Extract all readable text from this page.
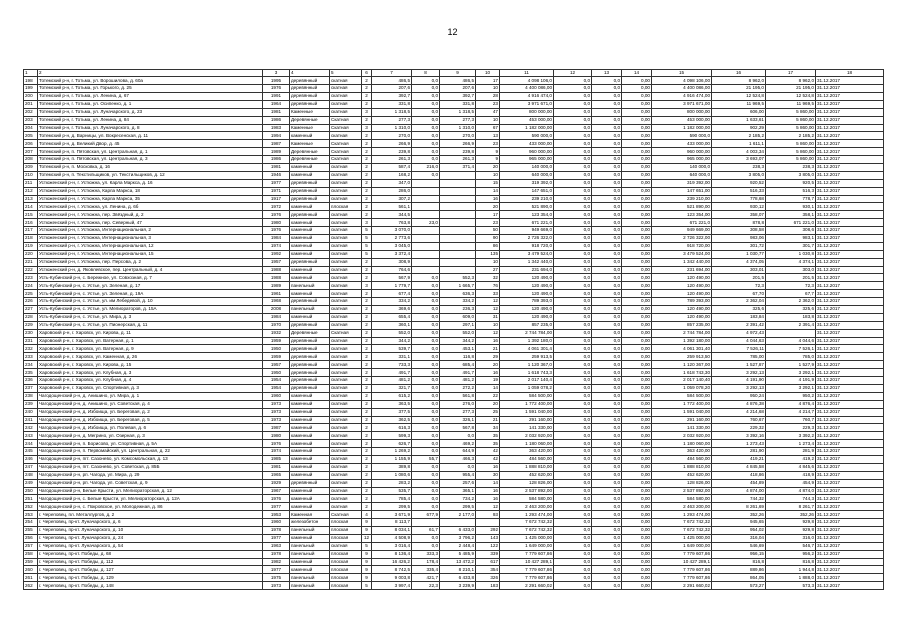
12
1	2	3	4	5	6	7	8	9	10	11	12	13	14	15	16	17	18
198	Тотемский р-н, г. Тотьма, ул. Ворошилова, д. 60а	1995	деревянный	скатная	2	486,5	0,0	486,5	17	4 098 106,0	0,0	0,0	0,00	4 098 106,00	8 962,0	8 962,0	31.12.2017
199	Тотемский р-н, г. Тотьма, ул. Горького, д. 25	1976	деревянный	скатная	2	207,6	0,0	207,6	10	4 400 086,00	0,0	0,0	0,00	4 400 086,00	21 195,0	21 195,0	31.12.2017
200	Тотемский р-н, г. Тотьма, ул. Ленина, д. 67	1991	деревянный	скатная	2	392,7	0,0	392,7	28	4 916 474,0	0,0	0,0	0,00	4 916 474,00	12 524,8	12 524,8	31.12.2017
201	Тотемский р-н, г. Тотьма, ул. Осипенко, д. 1	1964	деревянный	скатная	2	331,8	0,0	331,8	23	3 971 671,0	0,0	0,0	0,00	3 971 671,00	11 969,5	11 969,5	31.12.2017
202	Тотемский р-н, г. Тотьма, ул. Луначарского, д. 23	1981	Каменные	скатная	3	1 318,5	0,0	1 318,5	47	800 000,00	0,0	0,0	0,00	800 000,00	606,00	5 860,00	31.12.2017
203	Тотемский р-н, г. Тотьма, ул. Ленина, д. 84	1986	Деревянные	Скатная	2	277,3	0,0	277,3	10	453 000,00	0,0	0,0	0,00	453 000,00	1 633,61	5 860,00	31.12.2017
204	Тотемский р-н, г. Тотьма, ул. Луначарского, д. 8	1983	Каменные	Скатная	3	1 310,0	0,0	1 310,0	67	1 182 000,00	0,0	0,0	0,00	1 182 000,00	902,29	5 860,00	31.12.2017
205	Тотемский р-н, д. Варницы, ул. Вокресенская, д. 11	1994	каменный	скатная	2	270,0	0,0	270,0	13	590 000,0	0,0	0,0	0,00	590 000,0	2 185,2	2 185,2	31.12.2017
206	Тотемский р-н, д. Великий Двор, д. 45	1987	Каменные	Скатная	2	266,9	0,0	266,9	23	433 000,00	0,0	0,0	0,00	433 000,00	1 611,1	5 860,00	31.12.2017
207	Тотемский р-н, п. Пятовская, ул. Центральная, д. 1	1989	Деревянные	Скатная	2	239,8	0,0	239,8	9	960 000,00	0,0	0,0	0,00	960 000,00	4 003,34	5 860,00	31.12.2017
208	Тотемский р-н, п. Пятовская, ул. Центральная, д. 3	1986	Деревянные	Скатная	2	261,3	0,0	261,3	9	965 000,00	0,0	0,0	0,00	965 000,00	3 693,07	5 860,00	31.12.2017
209	Тотемский р-н, п. Московка, д. 16	1981	каменный	скатная	2	587,4	216,0	371,4	20	140 000,0	0,0	0,0	0,00	140 000,0	238,3	238,3	31.12.2017
210	Тотемский р-н, п. Текстильщиков, ул. Текстильщиков, д. 12	1946	каменный	скатная	2	168,2	0,0		10	640 000,0	0,0	0,0	0,00	640 000,0	3 805,0	3 805,0	31.12.2017
211	Устюженский р-н, г. Устюжна, ул. Карла Маркса, д. 16	1977	деревянный	скатная	2	347,0			15	319 392,0	0,0	0,0	0,00	319 392,00	920,52	920,5	31.12.2017
212	Устюженский р-н, г. Устюжна, Карла Маркса, 18	1971	деревянный	скатная	2	286,0			14	147 651,0	0,0	0,0	0,00	147 651,00	516,33	516,3	31.12.2017
213	Устюженский р-н, г. Устюжна, Карла Маркса, 35	1917	деревянный	скатная	2	307,2			16	239 210,0	0,0	0,0	0,00	239 210,00	778,68	778,7	31.12.2017
214	Устюженский р-н, г. Устюжна, ул. Ленина, д. 6б	1972	каменный	плоская	2	561,1			20	521 890,0	0,0	0,0	0,00	521 890,00	930,12	930,1	31.12.2017
215	Устюженский р-н, г. Устюжна, пер. Звёздный, д. 2	1976	деревянный	скатная	2	344,5			17	123 354,0	0,0	0,0	0,00	123 354,00	358,07	358,1	31.12.2017
216	Устюженский р-н, г. Устюжна, пер. Северный, 47	1980	каменный	скатная	3	763,8	23,0		23	671 221,0	0,0	0,0	0,00	671 221,0	878,8	671 221,0	31.12.2017
217	Устюженский р-н, г. Устюжна, Интернациональная, 2	1976	каменный	скатная	5	3 070,0			50	949 669,0	0,0	0,0	0,00	949 669,00	308,58	308,6	31.12.2017
218	Устюженский р-н, г. Устюжна, Интернациональная, 3	1984	каменный	скатная	5	2 773,6			90	2 726 322,0	0,0	0,0	0,00	2 726 322,00	983,06	983,1	31.12.2017
219	Устюженский р-н, г. Устюжна, Интернациональная, 12	1974	каменный	скатная	5	3 045,0			86	918 720,0	0,0	0,0	0,00	918 720,00	301,72	301,7	31.12.2017
220	Устюженский р-н, г. Устюжна, Интернациональная, 15	1992	каменный	скатная	5	3 372,4			135	3 479 524,0	0,0	0,0	0,00	3 479 524,00	1 030,77	1 030,8	31.12.2017
221	Устюженский р-н, г. Устюжна, пер. Персова, д. 2	1957	деревянный	скатная	2	308,9			10	1 342 440,0	0,0	0,0	0,00	1 342 440,00	4 374,05	4 374,1	31.12.2017
222	Устюженский р-н, д. Яковлевское, пер. Центральный, д. 4	1988	каменный	скатная	2	764,6			27	231 694,0	0,0	0,0	0,00	231 694,00	303,01	303,0	31.12.2017
223	Усть-Кубинский р-н, с. Бережное, ул. Совхозная, д. 7	1988	каменный	скатная	2	567,9	0,0	552,3	32	120 490,0	0,0	0,0	0,00	120 490,00	201,5	201,5	31.12.2017
224	Усть-Кубинский р-н, с. Устье, ул. Зеленая, д. 17	1989	панельный	скатная	3	1 779,7	0,0	1 665,7	76	120 490,0	0,0	0,0	0,00	120 490,00	72,3	72,3	31.12.2017
225	Усть-Кубинский р-н, с. Устье, ул. Зеленая, д. 19А	1961	каменный	скатная	2	677,4	0,0	636,3	33	120 490,0	0,0	0,0	0,00	120 490,00	67,70	67,7	31.12.2017
226	Усть-Кубинский р-н, с. Устье, ул. им Лебедевой, д. 10	1968	деревянный	скатная	2	334,2	0,0	334,2	12	789 393,0	0,0	0,0	0,00	789 393,00	2 362,04	2 362,0	31.12.2017
227	Усть-Кубинский р-н, с. Устье, ул. Мелиораторов, д. 15А	2008	панельный	скатная	2	369,6	0,0	236,3	12	120 490,0	0,0	0,0	0,00	120 490,00	325,6	325,6	31.12.2017
228	Усть-Кубинский р-н, с. Устье, ул. Мира, д. 3	1984	каменный	скатная	2	655,4	0,0	609,0	31	120 490,0	0,0	0,0	0,00	120 490,00	183,84	183,8	31.12.2017
229	Усть-Кубинский р-н, с. Устье, ул. Пионерская, д. 11	1970	деревянный	скатная	2	360,1	0,0	297,1	10	857 235,0	0,0	0,0	0,00	857 235,00	2 391,42	2 391,4	31.12.2017
230	Харовский р-н, г. Харовск, ул. Кирова, д. 11	1932	Деревянные	Скатная	2	552,0	0,0	552,0	12	2 744 784,00	0,0	0,0	0,00	2 744 784,00	4 972,43		31.12.2017
231	Харовский р-н, г. Харовск, ул. Ватерная, д. 1	1959	деревянный	скатная	2	344,2	0,0	344,2	16	1 392 180,0	0,0	0,0	0,00	1 392 180,00	4 044,63	4 044,6	31.12.2017
232	Харовский р-н, г. Харовск, ул. Ватерная, д. 9	1950	деревянный	скатная	2	539,7	0,0	453,1	21	4 061 301,4	0,0	0,0	0,00	4 061 301,40	7 526,11	7 526,1	31.12.2017
233	Харовский р-н, г. Харовск, ул. Каменная, д. 26	1959	деревянный	скатная	2	331,1	0,0	116,8	29	259 913,5	0,0	0,0	0,00	259 913,50	785,00	785,0	31.12.2017
234	Харовский р-н, г. Харовск, ул. Кирова, д. 15	1957	деревянный	скатная	2	733,3	0,0	685,4	20	1 120 367,0	0,0	0,0	0,00	1 120 367,00	1 527,87	1 527,9	31.12.2017
235	Харовский р-н, г. Харовск, ул. Клубная, д. 3	1950	деревянный	скатная	2	491,7	0,0	491,7	16	1 618 743,3	0,0	0,0	0,00	1 618 743,30	3 292,13	3 292,1	31.12.2017
236	Харовский р-н, г. Харовск, ул. Клубная, д. 4	1954	деревянный	скатная	2	481,2	0,0	481,2	19	2 017 140,4	0,0	0,0	0,00	2 017 140,40	4 191,90	4 191,9	31.12.2017
237	Харовский р-н, г. Харовск, ул. Спортивная, д. 3	1954	деревянный	скатная	2	321,7	0,0	272,2	14	1 059 078,2	0,0	0,0	0,00	1 059 078,20	3 292,13	3 292,1	31.12.2017
238	Чагодощенский р-н, д. Анишино, ул. Мира, д. 1	1960	каменный	скатная	2	615,2	0,0	561,8	22	584 500,00	0,0	0,0	0,00	584 500,00	950,24	950,2	31.12.2017
239	Чагодощенский р-н, д. Анишино, ул. Советская, д. 4	1973	каменный	скатная	2	363,5	0,0	276,0	20	1 772 400,00	0,0	0,0	0,00	1 772 400,00	4 876,38	4 876,4	31.12.2017
240	Чагодощенский р-н, д. Избоища, ул. Береговая, д. 2	1973	каменный	скатная	2	377,5	0,0	277,3	25	1 591 040,00	0,0	0,0	0,00	1 591 040,00	4 214,68	4 214,7	31.12.2017
241	Чагодощенский р-н, д. Избоища, ул. Береговая, д. 5	1973	каменный	скатная	2	362,5	0,0	326,1	21	291 160,00	0,0	0,0	0,00	291 160,00	760,67	760,7	31.12.2017
242	Чагодощенский р-н, д. Избоища, ул. Полевая, д. 6	1987	каменный	скатная	2	616,3	0,0	567,8	34	141 330,00	0,0	0,0	0,00	141 330,00	229,32	229,3	31.12.2017
243	Чагодощенский р-н, д. Мегрино, ул. Озерная, д. 3	1980	каменный	скатная	2	599,3	0,0	0,0	35	2 032 920,00	0,0	0,0	0,00	2 032 920,00	3 392,16	3 392,2	31.12.2017
244	Чагодощенский р-н, п. Борисово, ул. Спортивная, д. 5А	1976	каменный	скатная	2	626,7	0,0	469,2	35	1 180 060,00	0,0	0,0	0,00	1 180 060,00	1 273,43	1 273,4	31.12.2017
245	Чагодощенский р-н, п. Первомайский, ул. Центральная, д. 22	1974	каменный	скатная	2	1 269,2	0,0	644,9	42	363 420,00	0,0	0,0	0,00	363 420,00	281,90	281,9	31.12.2017
246	Чагодощенский р-н, пгт. Сазонево, ул. Комсомольская, д. 13	1985	каменный	скатная	2	1 155,9	55,7	466,3	42	484 560,00	0,0	0,0	0,00	484 560,00	419,21	419,2	31.12.2017
247	Чагодощенский р-н, пгт. Сазонево, ул. Советская, д. 85Б	1981	каменный	скатная	2	389,8	0,0	0,0	16	1 888 810,00	0,0	0,0	0,00	1 888 810,00	4 845,58	4 845,6	31.12.2017
248	Чагодощенский р-н, рп. Чагода, ул. Мира, д. 29	1965	каменный	скатная	2	1 080,6	0,0	955,4	30	452 620,00	0,0	0,0	0,00	452 620,00	418,86	418,9	31.12.2017
249	Чагодощенский р-н, рп. Чагода, ул. Советская, д. 9	1929	деревянный	скатная	2	283,2	0,0	257,6	14	128 826,00	0,0	0,0	0,00	128 826,00	454,89	454,9	31.12.2017
250	Чагодощенский р-н, Белые Крысти, ул. Мелиораторская, д. 12	1967	каменный	скатная	2	535,7	0,0	365,1	16	2 537 892,00	0,0	0,0	0,00	2 537 892,00	4 874,00	4 874,0	31.12.2017
251	Чагодощенский р-н, с. Белые Крысти, ул. Мелиораторская, д. 12А	1976	каменный	скатная	2	785,4	0,0	734,2	16	584 580,00	0,0	0,0	0,00	584 580,00	744,32	744,3	31.12.2017
252	Чагодощенский р-н, с. Покровское, ул. Молодежная, д. 86	1977	каменный	скатная	2	299,5	0,0	299,5	12	2 463 200,00	0,0	0,0	0,00	2 463 200,00	8 261,69	8 261,7	31.12.2017
253	г. Череповец, пл. Металлургов, д. 2	1953	Каменная	Скатная	4	3 671,9	677,9	2 177,0	93	1 293 474,00	0,0	0,0	0,00	1 293 474,00	352,26	352,26	31.12.2017
254	г. Череповец, пр-кт. Луначарского, д. 6	1960	железобетон	плоская	9	8 113,7				7 672 742,32	0,0	0,0	0,00	7 672 742,32	945,65	929,8	31.12.2017
255	г. Череповец, пр-кт. Луначарского, д. 10	1978	панельный	плоская	9	8 034,1	61,7	6 433,0	292	7 672 742,32	0,0	0,0	0,00	7 672 742,32	954,02	929,8	31.12.2017
256	г. Череповец, пр-кт. Луначарского, д. 24	1977	каменный	плоская	12	4 508,9	0,0	3 796,2	143	1 425 000,00	0,0	0,0	0,00	1 425 000,00	316,04	316,0	31.12.2017
257	г. Череповец, пр-кт. Луначарского, д. 54	1963	панельный	скатная	5	3 016,4	0,0	2 448,4	122	1 649 000,00	0,0	0,0	0,00	1 649 000,00	546,69	546,7	31.12.2017
258	г. Череповец, пр-кт. Победы, д. 68	1978	панельный	плоская	9	8 136,4	333,3	5 485,9	339	7 779 607,86	0,0	0,0	0,00	7 779 607,86	956,15	956,2	31.12.2017
259	г. Череповец, пр-кт. Победы, д. 112	1982	каменный	плоская	9	16 426,2	178,4	13 472,2	617	10 427 289,1	0,0	0,0	0,00	10 427 289,1	816,8	816,8	31.12.2017
260	г. Череповец, пр-кт. Победы, д. 127	1977	каменный	плоская	9	8 742,5	335,4	8 210,1	354	7 779 607,86	0,0	0,0	0,00	7 779 607,86	889,86	1 944,8	31.12.2017
261	г. Череповец, пр-кт. Победы, д. 129	1975	панельный	плоская	9	9 003,8	421,7	6 433,8	326	7 779 607,86	0,0	0,0	0,00	7 779 607,86	864,05	1 888,0	31.12.2017
262	г. Череповец, пр-кт. Победы, д. 148	1973	панельный	плоская	5	3 997,4	22,3	3 239,9	183	2 291 660,02	0,0	0,0	0,00	2 291 660,02	573,27	573,3	31.12.2017
